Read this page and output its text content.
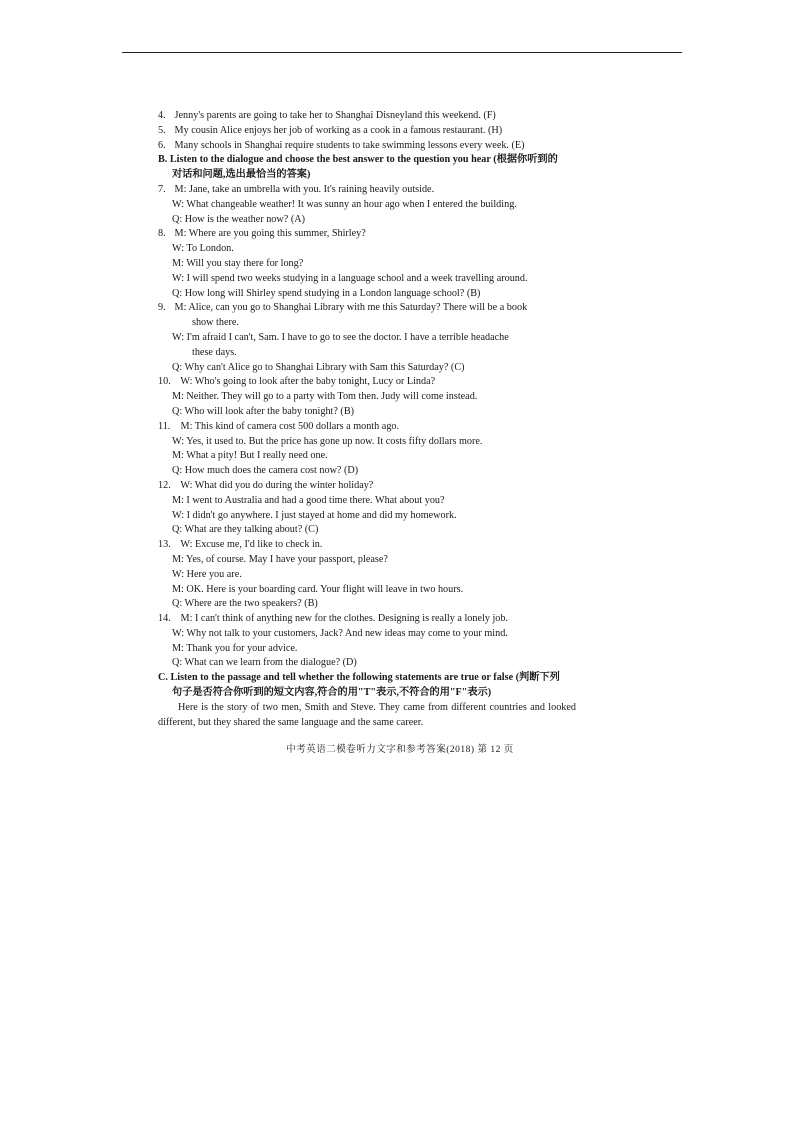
4. Jenny's parents are going to take her to Shanghai Disneyland this weekend. (F)
5. My cousin Alice enjoys her job of working as a cook in a famous restaurant. (H)
6. Many schools in Shanghai require students to take swimming lessons every week. (E)
B. Listen to the dialogue and choose the best answer to the question you hear (根据你听到的
对话和问题,选出最恰当的答案)
7. M: Jane, take an umbrella with you. It's raining heavily outside.
W: What changeable weather! It was sunny an hour ago when I entered the building.
Q: How is the weather now? (A)
8. M: Where are you going this summer, Shirley?
W: To London.
M: Will you stay there for long?
W: I will spend two weeks studying in a language school and a week travelling around.
Q: How long will Shirley spend studying in a London language school? (B)
9. M: Alice, can you go to Shanghai Library with me this Saturday? There will be a book
show there.
W: I'm afraid I can't, Sam. I have to go to see the doctor. I have a terrible headache
these days.
Q: Why can't Alice go to Shanghai Library with Sam this Saturday? (C)
10. W: Who's going to look after the baby tonight, Lucy or Linda?
M: Neither. They will go to a party with Tom then. Judy will come instead.
Q: Who will look after the baby tonight? (B)
11. M: This kind of camera cost 500 dollars a month ago.
W: Yes, it used to. But the price has gone up now. It costs fifty dollars more.
M: What a pity! But I really need one.
Q: How much does the camera cost now? (D)
12. W: What did you do during the winter holiday?
M: I went to Australia and had a good time there. What about you?
W: I didn't go anywhere. I just stayed at home and did my homework.
Q: What are they talking about? (C)
13. W: Excuse me, I'd like to check in.
M: Yes, of course. May I have your passport, please?
W: Here you are.
M: OK. Here is your boarding card. Your flight will leave in two hours.
Q: Where are the two speakers? (B)
14. M: I can't think of anything new for the clothes. Designing is really a lonely job.
W: Why not talk to your customers, Jack? And new ideas may come to your mind.
M: Thank you for your advice.
Q: What can we learn from the dialogue? (D)
C. Listen to the passage and tell whether the following statements are true or false (判断下列
句子是否符合你听到的短文内容,符合的用"T"表示,不符合的用"F"表示)
Here is the story of two men, Smith and Steve. They came from different countries and looked different, but they shared the same language and the same career.
中考英语二模卷听力文字和参考答案(2018) 第 12 页
